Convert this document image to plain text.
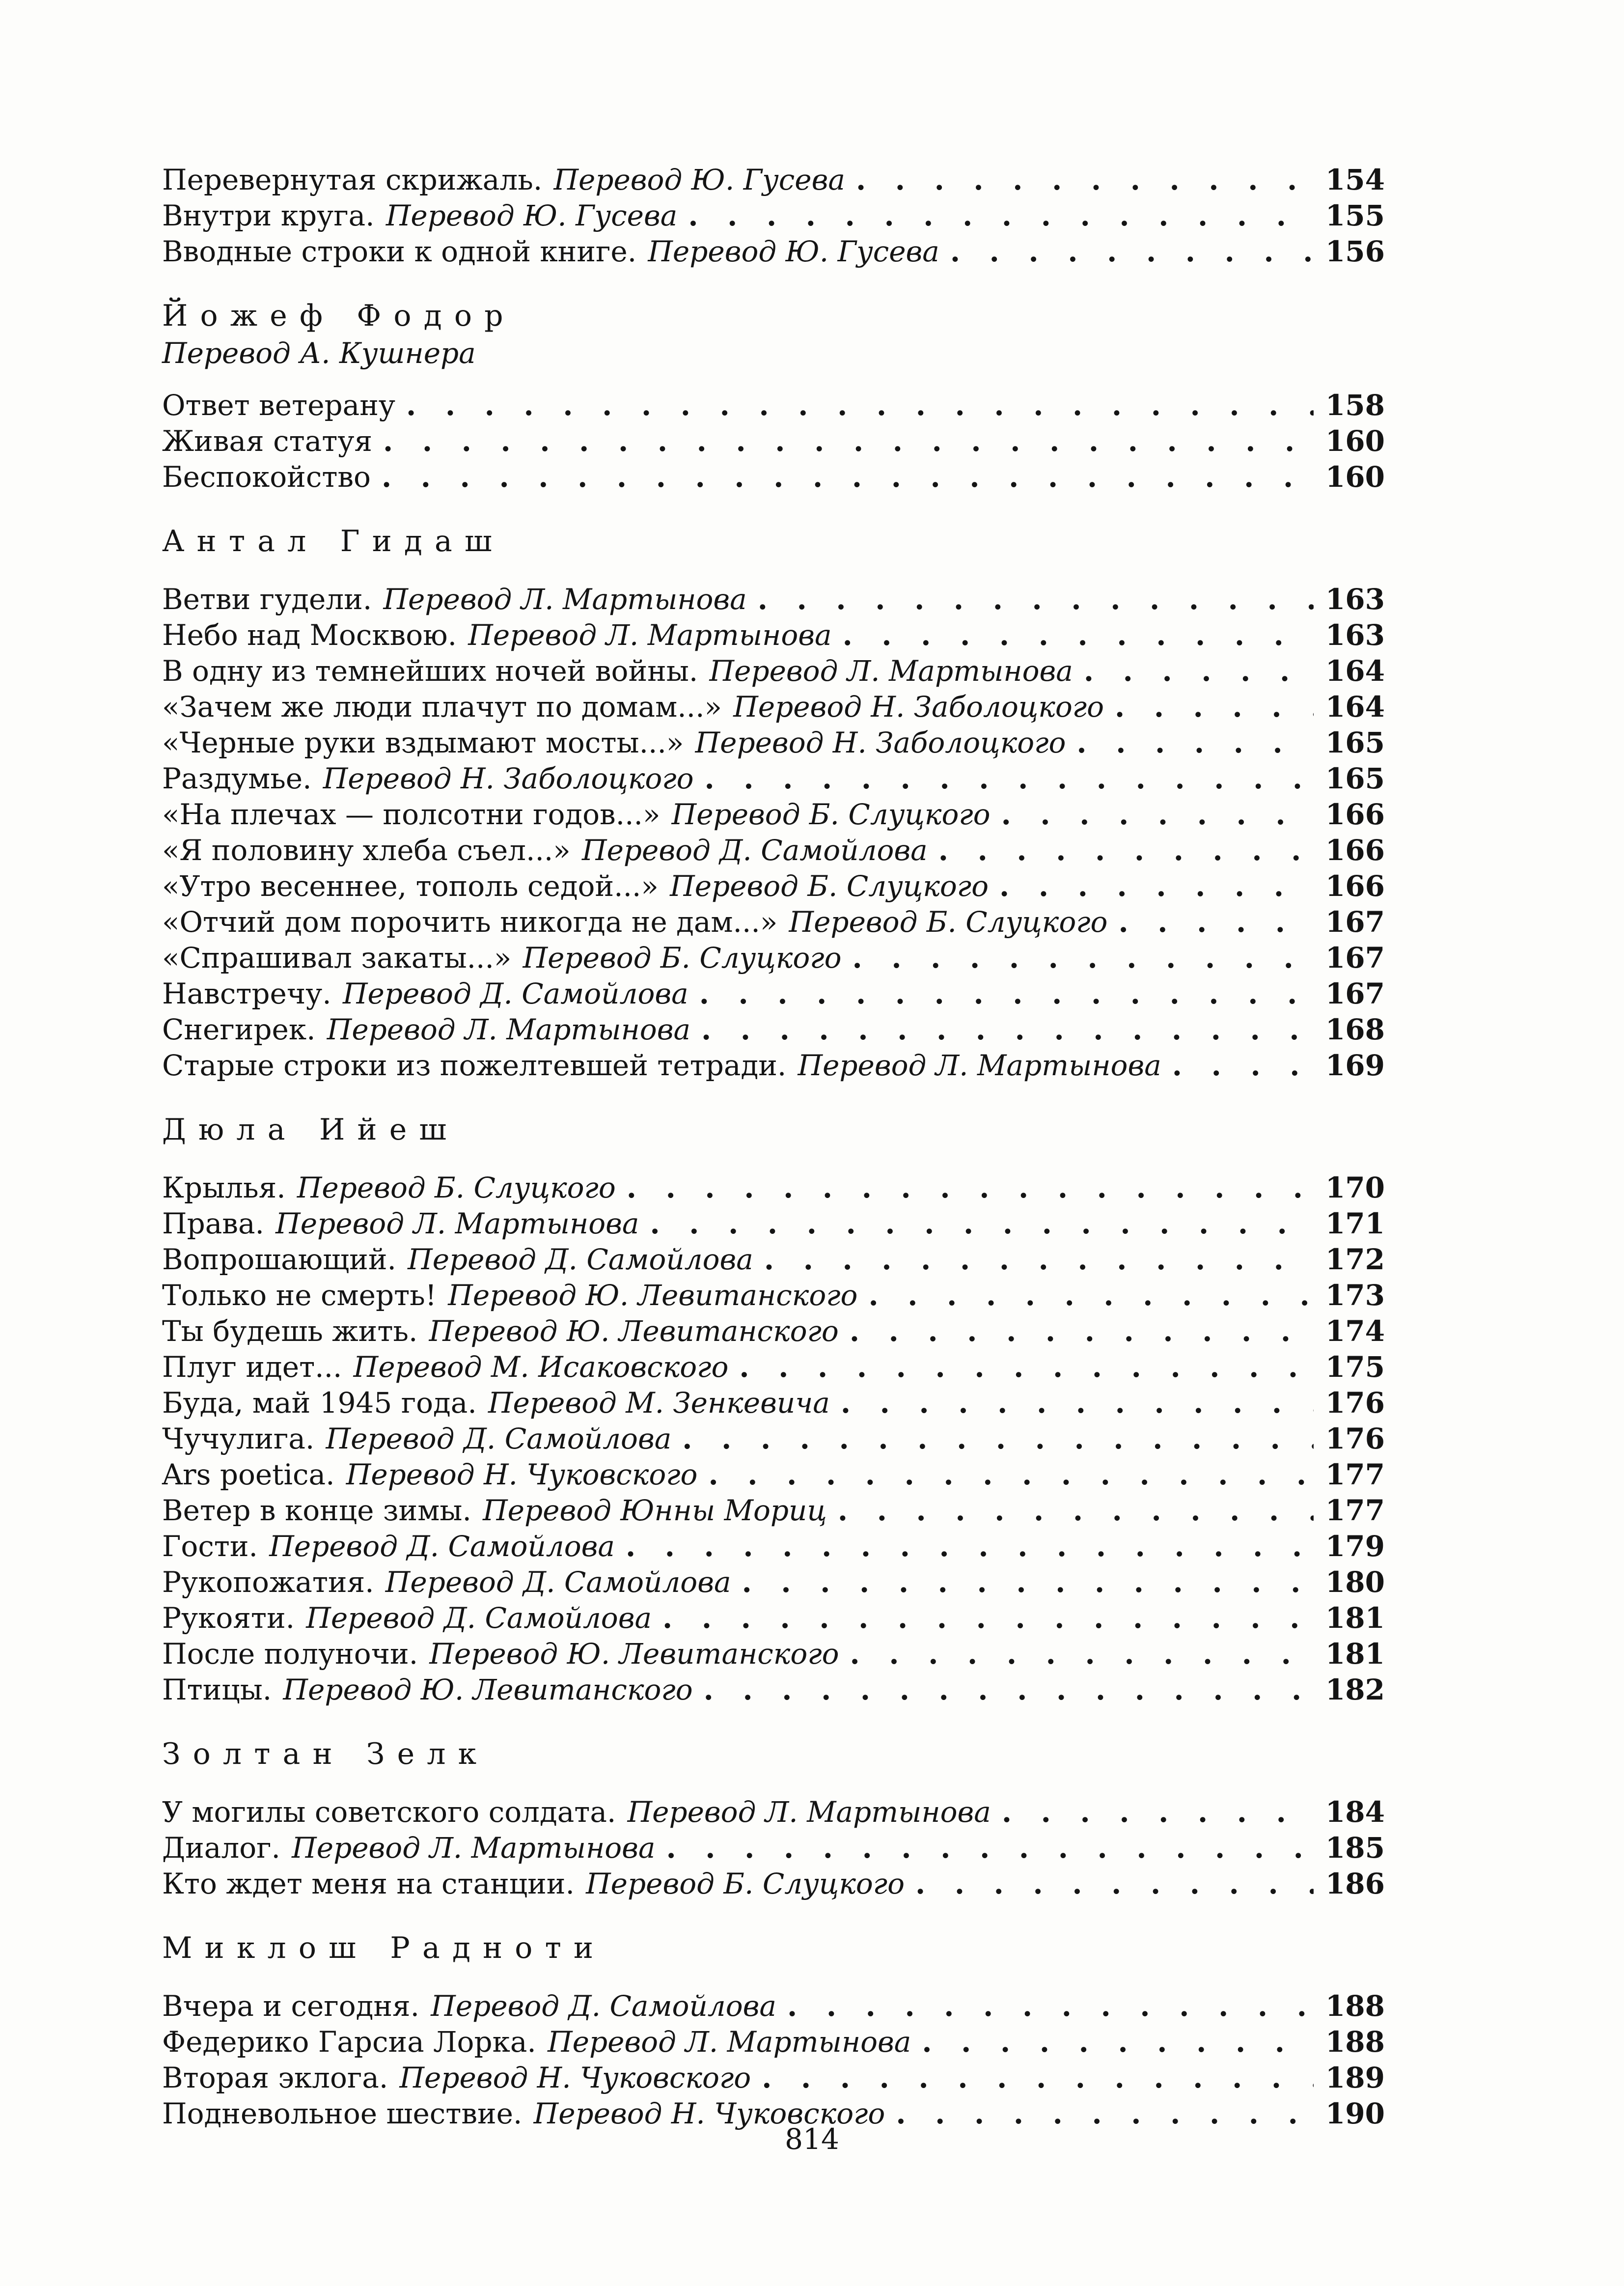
Перевернутая скрижаль. Перевод Ю. Гусева . . .	154
Внутри круга. Перевод Ю. Гусева . . .	155
Вводные строки к одной книге. Перевод Ю. Гусева . . .	156
Йожеф Фодор
Перевод А. Кушнера
Ответ ветерану . . .	158
Живая статуя . . .	160
Беспокойство . . .	160
Антал Гидаш
Ветви гудели. Перевод Л. Мартынова . . .	163
Небо над Москвою. Перевод Л. Мартынова . . .	163
В одну из темнейших ночей войны. Перевод Л. Мартынова . . .	164
«Зачем же люди плачут по домам...» Перевод Н. Заболоцкого . . .	164
«Черные руки вздымают мосты...» Перевод Н. Заболоцкого . . .	165
Раздумье. Перевод Н. Заболоцкого . . .	165
«На плечах — полсотни годов...» Перевод Б. Слуцкого . . .	166
«Я половину хлеба съел...» Перевод Д. Самойлова . . .	166
«Утро весеннее, тополь седой...» Перевод Б. Слуцкого . . .	166
«Отчий дом порочить никогда не дам...» Перевод Б. Слуцкого . . .	167
«Спрашивал закаты...» Перевод Б. Слуцкого . . .	167
Навстречу. Перевод Д. Самойлова . . .	167
Снегирек. Перевод Л. Мартынова . . .	168
Старые строки из пожелтевшей тетради. Перевод Л. Мартынова . . .	169
Дюла Ийеш
Крылья. Перевод Б. Слуцкого . . .	170
Права. Перевод Л. Мартынова . . .	171
Вопрошающий. Перевод Д. Самойлова . . .	172
Только не смерть! Перевод Ю. Левитанского . . .	173
Ты будешь жить. Перевод Ю. Левитанского . . .	174
Плуг идет... Перевод М. Исаковского . . .	175
Буда, май 1945 года. Перевод М. Зенкевича . . .	176
Чучулига. Перевод Д. Самойлова . . .	176
Ars poetica. Перевод Н. Чуковского . . .	177
Ветер в конце зимы. Перевод Юнны Мориц . . .	177
Гости. Перевод Д. Самойлова . . .	179
Рукопожатия. Перевод Д. Самойлова . . .	180
Рукояти. Перевод Д. Самойлова . . .	181
После полуночи. Перевод Ю. Левитанского . . .	181
Птицы. Перевод Ю. Левитанского . . .	182
Золтан Зелк
У могилы советского солдата. Перевод Л. Мартынова . . .	184
Диалог. Перевод Л. Мартынова . . .	185
Кто ждет меня на станции. Перевод Б. Слуцкого . . .	186
Миклош Радноти
Вчера и сегодня. Перевод Д. Самойлова . . .	188
Федерико Гарсиа Лорка. Перевод Л. Мартынова . . .	188
Вторая эклога. Перевод Н. Чуковского . . .	189
Подневольное шествие. Перевод Н. Чуковского . . .	190
814
